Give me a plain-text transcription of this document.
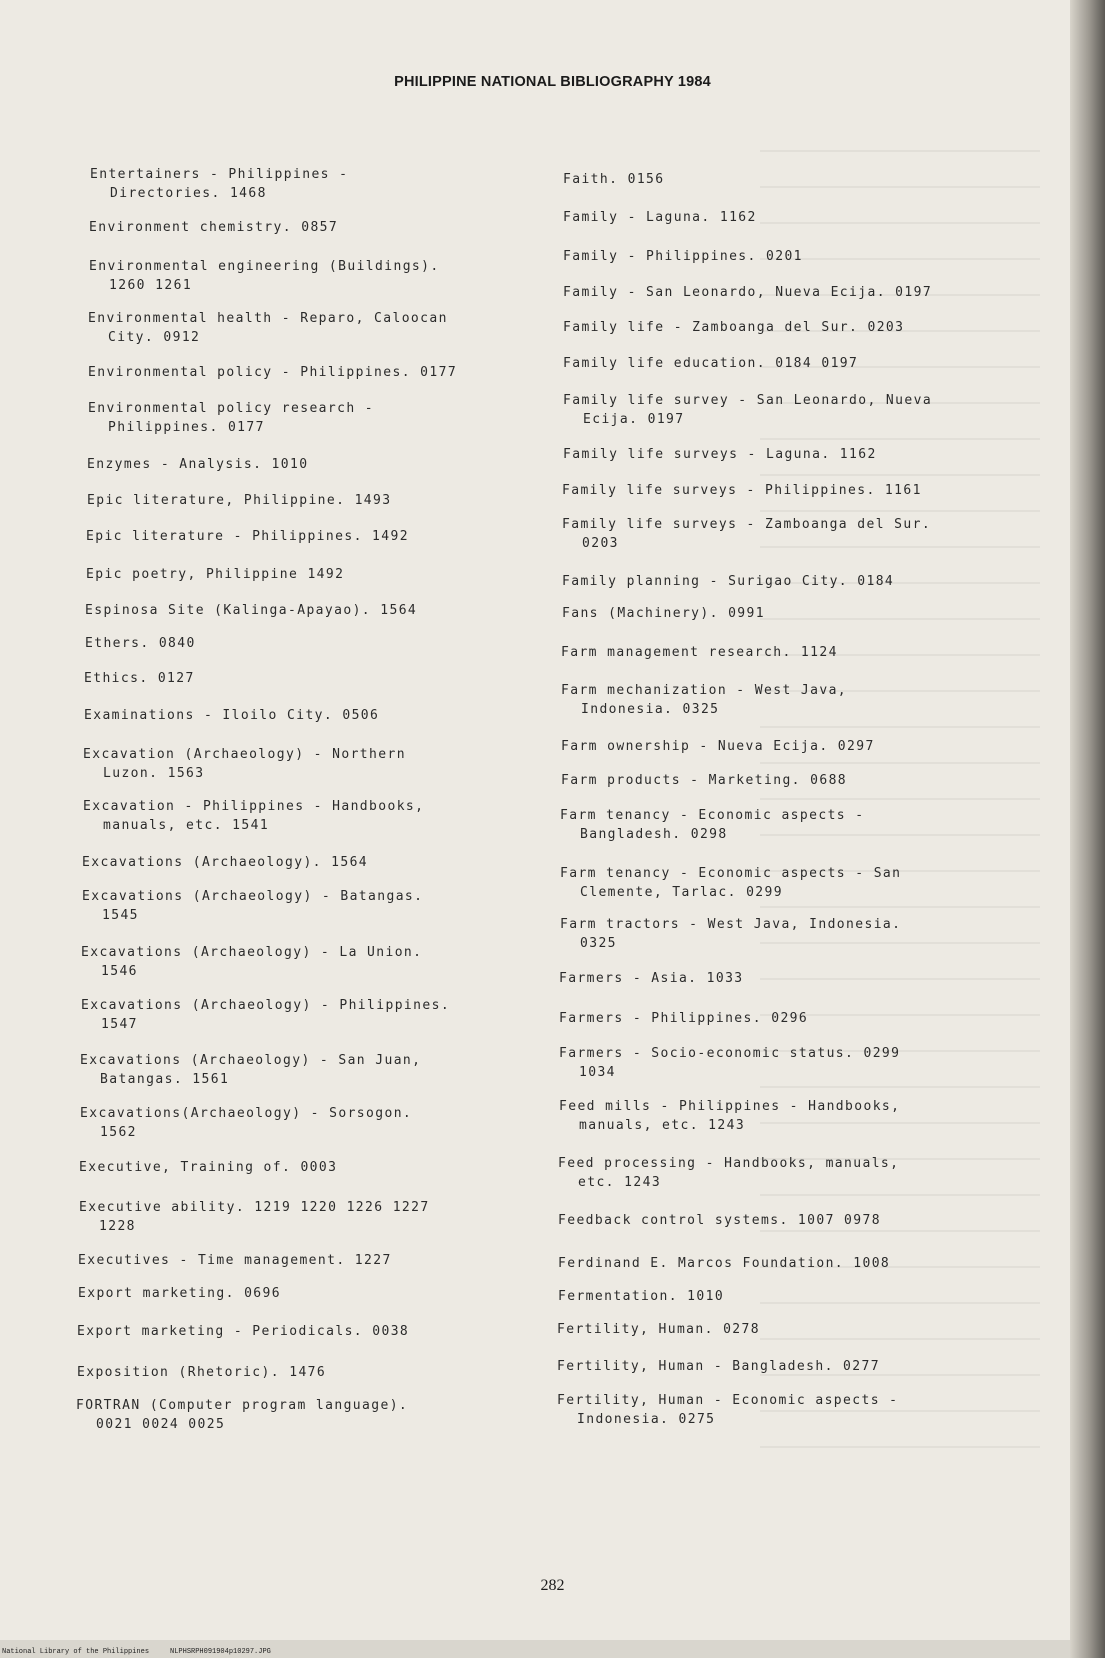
PHILIPPINE NATIONAL BIBLIOGRAPHY 1984
Entertainers - Philippines -
Directories. 1468
Environment chemistry. 0857
Environmental engineering (Buildings).
1260 1261
Environmental health - Reparo, Caloocan
City. 0912
Environmental policy - Philippines. 0177
Environmental policy research -
Philippines. 0177
Enzymes - Analysis. 1010
Epic literature, Philippine. 1493
Epic literature - Philippines. 1492
Epic poetry, Philippine 1492
Espinosa Site (Kalinga-Apayao). 1564
Ethers. 0840
Ethics. 0127
Examinations - Iloilo City. 0506
Excavation (Archaeology) - Northern
Luzon. 1563
Excavation - Philippines - Handbooks,
manuals, etc. 1541
Excavations (Archaeology). 1564
Excavations (Archaeology) - Batangas.
1545
Excavations (Archaeology) - La Union.
1546
Excavations (Archaeology) - Philippines.
1547
Excavations (Archaeology) - San Juan,
Batangas. 1561
Excavations(Archaeology) - Sorsogon.
1562
Executive, Training of. 0003
Executive ability. 1219 1220 1226 1227
1228
Executives - Time management. 1227
Export marketing. 0696
Export marketing - Periodicals. 0038
Exposition (Rhetoric). 1476
FORTRAN (Computer program language).
0021 0024 0025
Faith. 0156
Family - Laguna. 1162
Family - Philippines. 0201
Family - San Leonardo, Nueva Ecija. 0197
Family life - Zamboanga del Sur. 0203
Family life education. 0184 0197
Family life survey - San Leonardo, Nueva
Ecija. 0197
Family life surveys - Laguna. 1162
Family life surveys - Philippines. 1161
Family life surveys - Zamboanga del Sur.
0203
Family planning - Surigao City. 0184
Fans (Machinery). 0991
Farm management research. 1124
Farm mechanization - West Java,
Indonesia. 0325
Farm ownership - Nueva Ecija. 0297
Farm products - Marketing. 0688
Farm tenancy - Economic aspects -
Bangladesh. 0298
Farm tenancy - Economic aspects - San
Clemente, Tarlac. 0299
Farm tractors - West Java, Indonesia.
0325
Farmers - Asia. 1033
Farmers - Philippines. 0296
Farmers - Socio-economic status. 0299
1034
Feed mills - Philippines - Handbooks,
manuals, etc. 1243
Feed processing - Handbooks, manuals,
etc. 1243
Feedback control systems. 1007 0978
Ferdinand E. Marcos Foundation. 1008
Fermentation. 1010
Fertility, Human. 0278
Fertility, Human - Bangladesh. 0277
Fertility, Human - Economic aspects -
Indonesia. 0275
282
National Library of the Philippines     NLPHSRPH091904p10297.JPG
